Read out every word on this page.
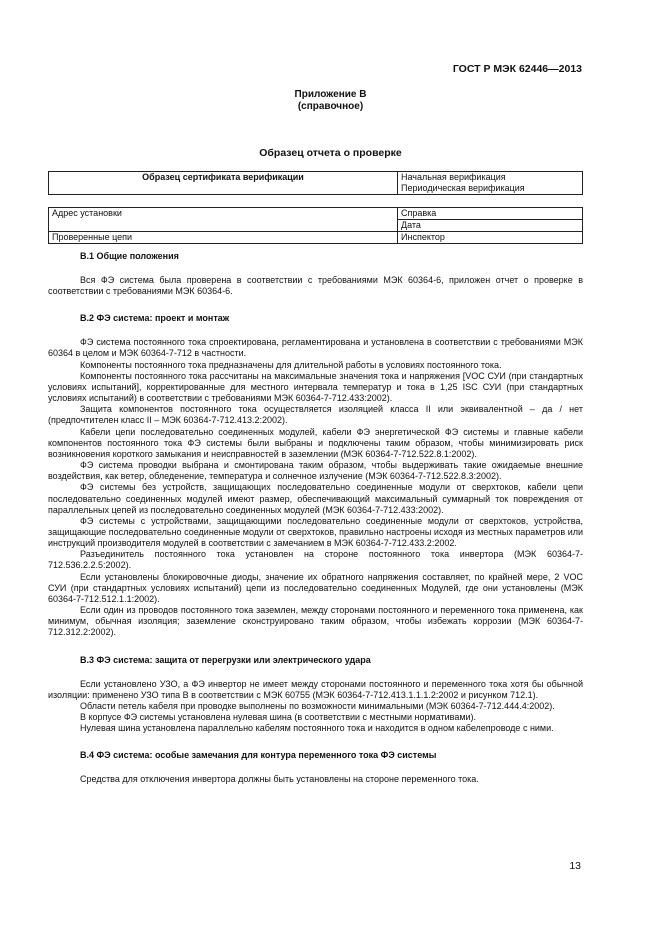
ГОСТ Р МЭК 62446—2013
Приложение В
(справочное)
Образец отчета о проверке
Образец сертификата верификации	Начальная верификация
Периодическая верификация
Адрес установки	Справка
	Дата
Проверенные цепи	Инспектор
В.1 Общие положения

Вся ФЭ система была проверена в соответствии с требованиями МЭК 60364-6, приложен отчет о проверке в соответствии с требованиями МЭК 60364-6.

В.2 ФЭ система: проект и монтаж

ФЭ система постоянного тока спроектирована, регламентирована и установлена в соответствии с требованиями МЭК 60364 в целом и МЭК 60364-7-712 в частности.

Компоненты постоянного тока предназначены для длительной работы в условиях постоянного тока.

Компоненты постоянного тока рассчитаны на максимальные значения тока и напряжения [VOC СУИ (при стандартных условиях испытаний], корректированные для местного интервала температур и тока в 1,25 ISC СУИ (при стандартных условиях испытаний) в соответствии с требованиями МЭК 60364-7-712.433:2002).

Защита компонентов постоянного тока осуществляется изоляцией класса II или эквивалентной – да / нет (предпочтителен класс II – МЭК 60364-7-712.413.2:2002).

Кабели цепи последовательно соединенных модулей, кабели ФЭ энергетической ФЭ системы и главные кабели компонентов постоянного тока ФЭ системы были выбраны и подключены таким образом, чтобы минимизировать риск возникновения короткого замыкания и неисправностей в заземлении (МЭК 60364-7-712.522.8.1:2002).

ФЭ система проводки выбрана и смонтирована таким образом, чтобы выдерживать такие ожидаемые внешние воздействия, как ветер, обледенение, температура и солнечное излучение (МЭК 60364-7-712.522.8.3:2002).

ФЭ системы без устройств, защищающих последовательно соединенные модули от сверхтоков, кабели цепи последовательно соединенных модулей имеют размер, обеспечивающий максимальный суммарный ток повреждения от параллельных цепей из последовательно соединенных модулей (МЭК 60364-7-712.433:2002).

ФЭ системы с устройствами, защищающими последовательно соединенные модули от сверхтоков, устройства, защищающие последовательно соединенные модули от сверхтоков, правильно настроены исходя из местных параметров или инструкций производителя модулей в соответствии с замечанием в МЭК 60364-7-712.433.2:2002.

Разъединитель постоянного тока установлен на стороне постоянного тока инвертора (МЭК 60364-7-712.536.2.2.5:2002).

Если установлены блокировочные диоды, значение их обратного напряжения составляет, по крайней мере, 2 VOC СУИ (при стандартных условиях испытаний) цепи из последовательно соединенных Модулей, где они установлены (МЭК 60364-7-712.512.1.1:2002).

Если один из проводов постоянного тока заземлен, между сторонами постоянного и переменного тока применена, как минимум, обычная изоляция; заземление сконструировано таким образом, чтобы избежать коррозии (МЭК 60364-7-712.312.2:2002).

В.3 ФЭ система: защита от перегрузки или электрического удара

Если установлено УЗО, а ФЭ инвертор не имеет между сторонами постоянного и переменного тока хотя бы обычной изоляции: применено УЗО типа В в соответствии с МЭК 60755 (МЭК 60364-7-712.413.1.1.1.2:2002 и рисунком 712.1).

Области петель кабеля при проводке выполнены по возможности минимальными (МЭК 60364-7-712.444.4:2002).

В корпусе ФЭ системы установлена нулевая шина (в соответствии с местными нормативами).

Нулевая шина установлена параллельно кабелям постоянного тока и находится в одном кабелепроводе с ними.

В.4 ФЭ система: особые замечания для контура переменного тока ФЭ системы

Средства для отключения инвертора должны быть установлены на стороне переменного тока.

13
